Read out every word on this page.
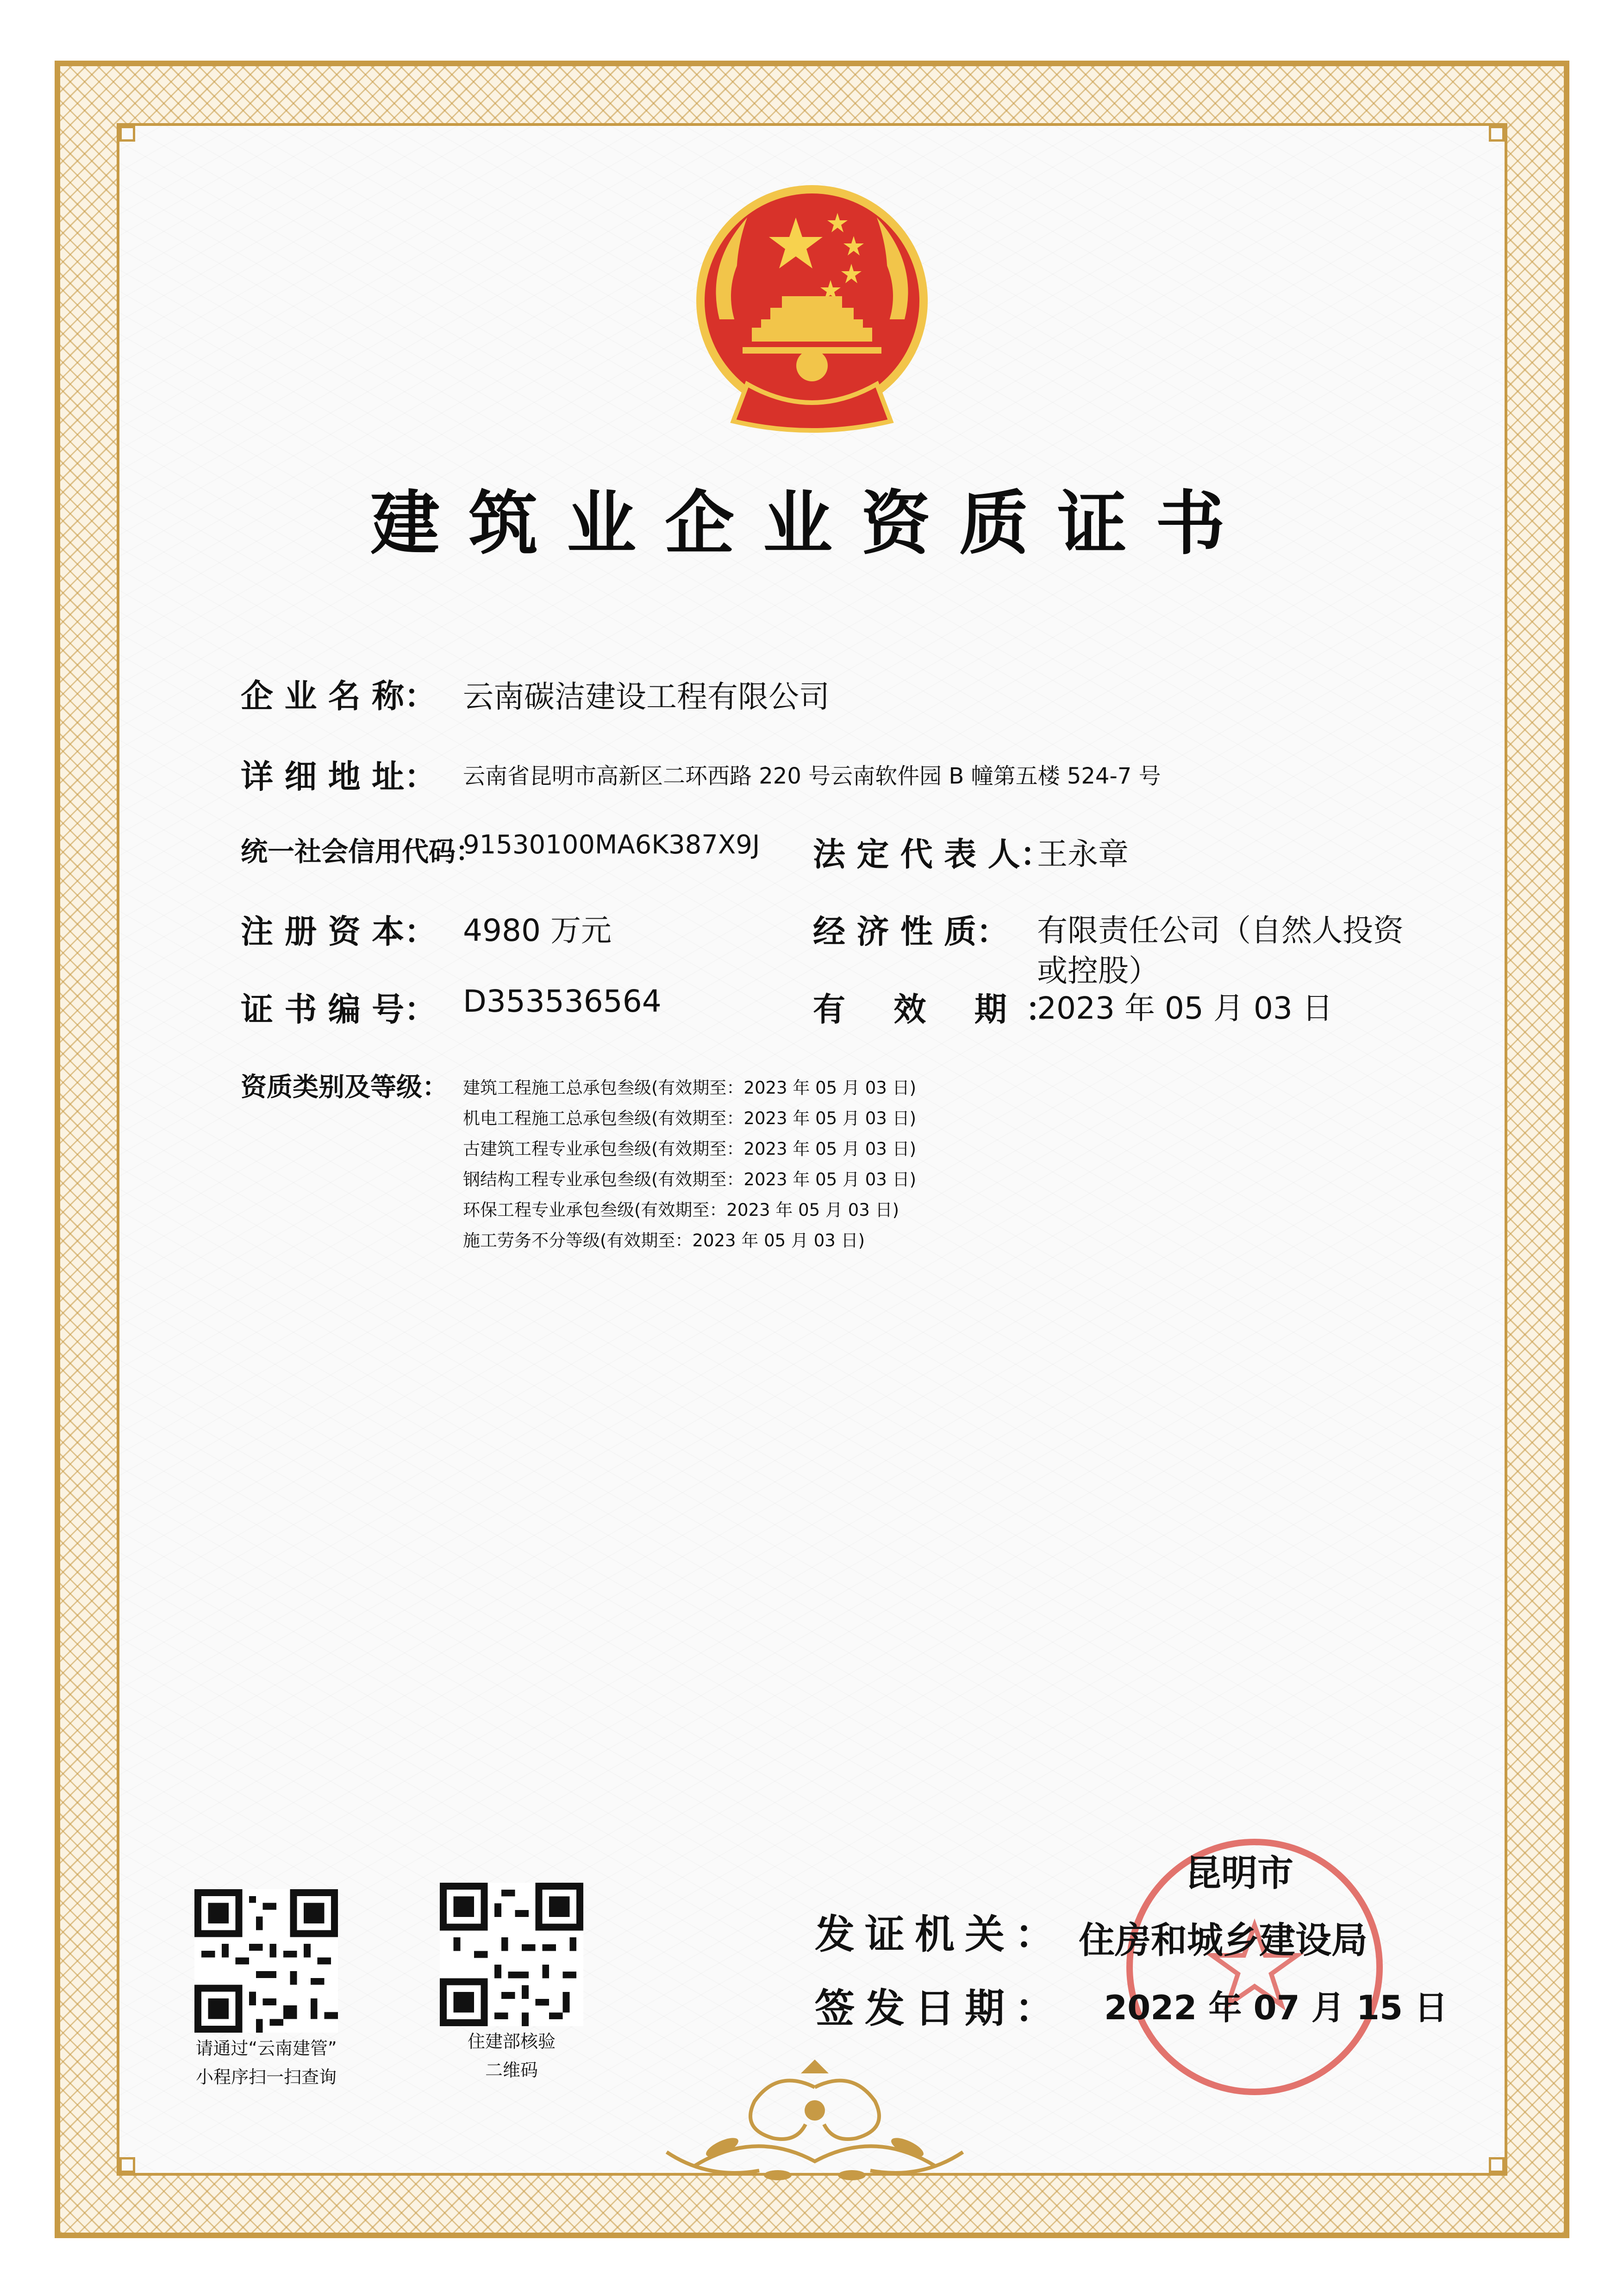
建筑业企业资质证书
企 业 名 称： 云南碳洁建设工程有限公司
详 细 地 址： 云南省昆明市高新区二环西路 220 号云南软件园 B 幢第五楼 524-7 号
统一社会信用代码：
91530100MA6K387X9J 法 定 代 表 人：
王永章
注 册 资 本： 4980 万元	经 济 性 质： 有限责任公司（自然人投资
或控股）
证 书 编 号： D353536564	有 效 期：
2023 年 05 月 03 日
资质类别及等级： 建筑工程施工总承包叁级(有效期至：2023 年 05 月 03 日)
机电工程施工总承包叁级(有效期至：2023 年 05 月 03 日)
古建筑工程专业承包叁级(有效期至：2023 年 05 月 03 日)
钢结构工程专业承包叁级(有效期至：2023 年 05 月 03 日)
环保工程专业承包叁级(有效期至：2023 年 05 月 03 日)
施工劳务不分等级(有效期至：2023 年 05 月 03 日)
请通过“云南建管”
小程序扫一扫查询
住建部核验
二维码
发证机关：
签发日期：
昆明市
住房和城乡建设局
2022 年 07 月 15 日
